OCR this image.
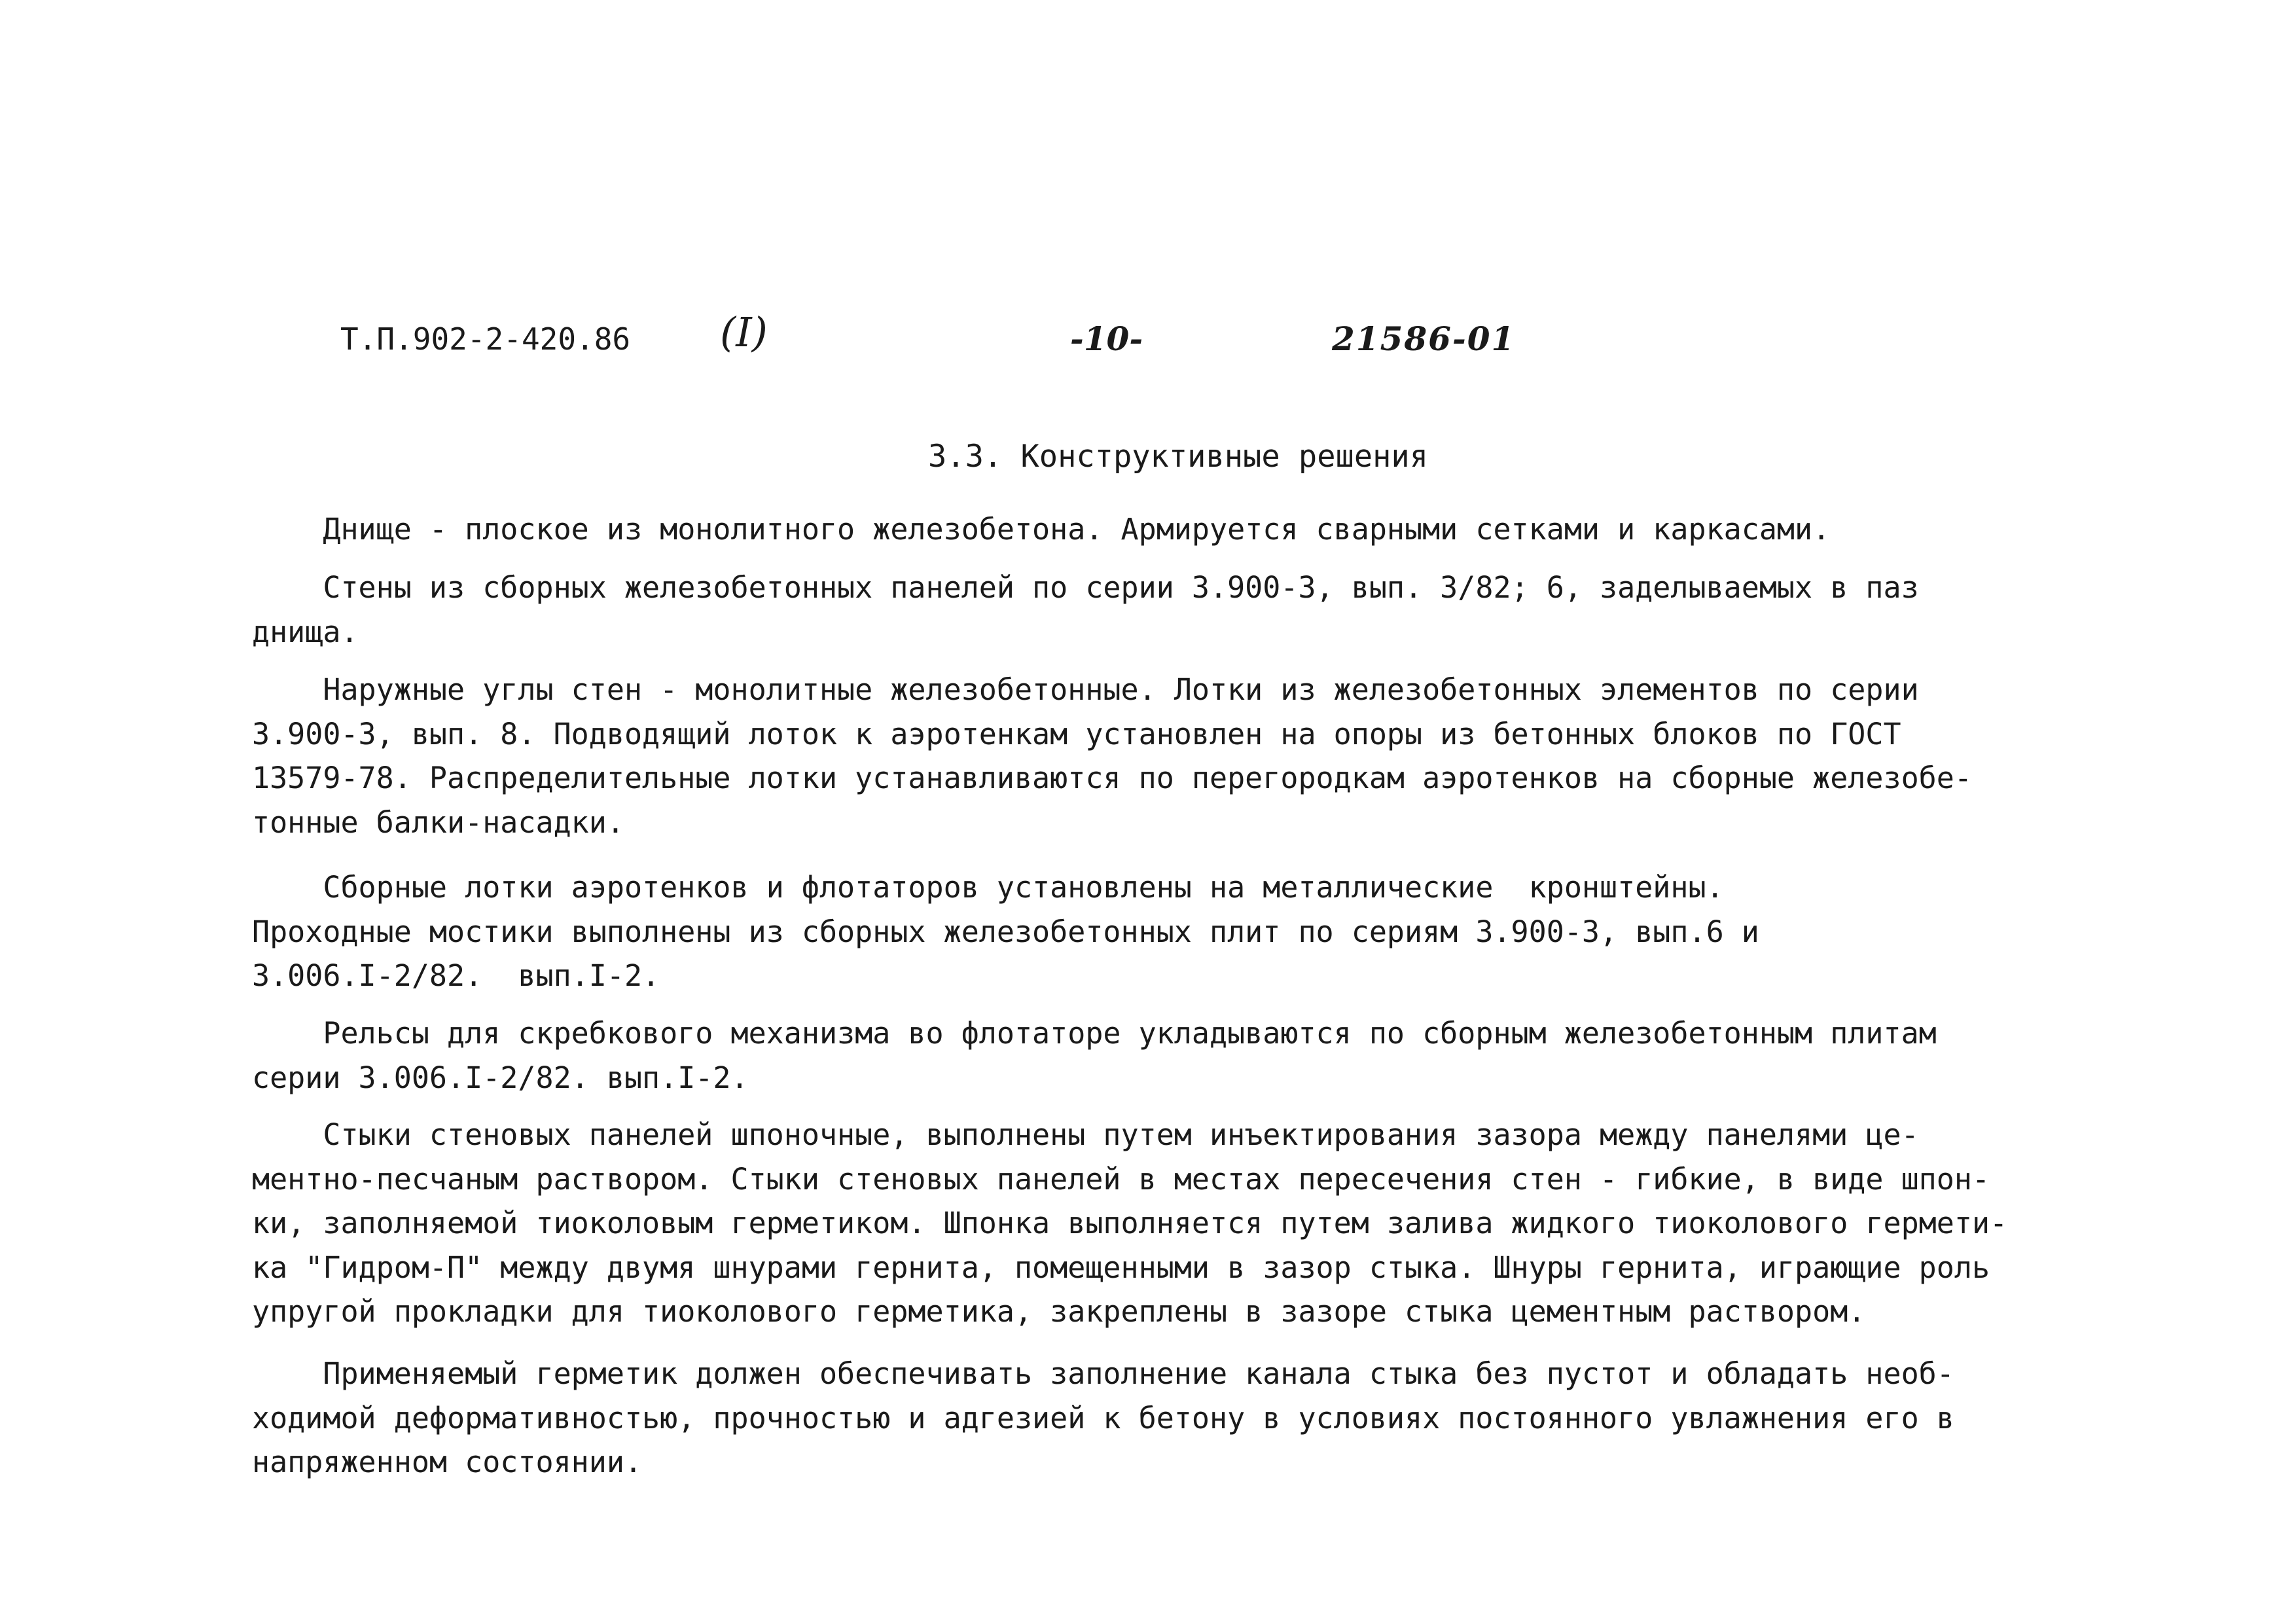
Т.П.902-2-420.86 (I)	-10-	21586-01
3.3. Конструктивные решения
Днище - плоское из монолитного железобетона. Армируется сварными сетками и каркасами.
Стены из сборных железобетонных панелей по серии 3.900-3, вып. 3/82; 6, заделываемых в паз
днища.
Наружные углы стен - монолитные железобетонные. Лотки из железобетонных элементов по серии
3.900-3, вып. 8. Подводящий лоток к аэротенкам установлен на опоры из бетонных блоков по ГОСТ
13579-78. Распределительные лотки устанавливаются по перегородкам аэротенков на сборные железобе-
тонные балки-насадки.
Сборные лотки аэротенков и флотаторов установлены на металлические  кронштейны.
Проходные мостики выполнены из сборных железобетонных плит по сериям 3.900-3, вып.6 и
3.006.I-2/82.  вып.I-2.
Рельсы для скребкового механизма во флотаторе укладываются по сборным железобетонным плитам
серии 3.006.I-2/82. вып.I-2.
Стыки стеновых панелей шпоночные, выполнены путем инъектирования зазора между панелями це-
ментно-песчаным раствором. Стыки стеновых панелей в местах пересечения стен - гибкие, в виде шпон-
ки, заполняемой тиоколовым герметиком. Шпонка выполняется путем залива жидкого тиоколового гермети-
ка "Гидром-П" между двумя шнурами гернита, помещенными в зазор стыка. Шнуры гернита, играющие роль
упругой прокладки для тиоколового герметика, закреплены в зазоре стыка цементным раствором.
Применяемый герметик должен обеспечивать заполнение канала стыка без пустот и обладать необ-
ходимой деформативностью, прочностью и адгезией к бетону в условиях постоянного увлажнения его в
напряженном состоянии.
